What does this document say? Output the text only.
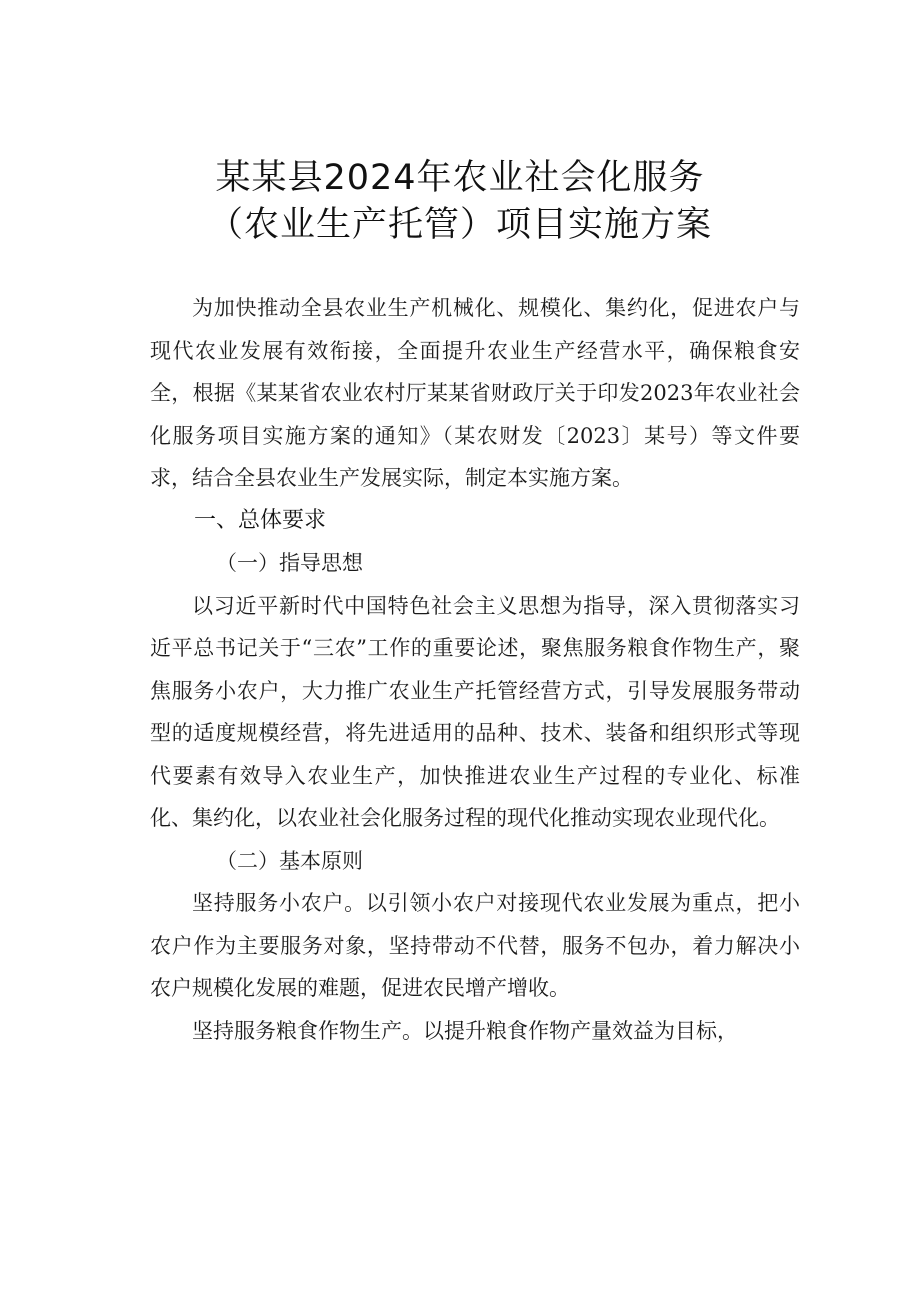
某某县2024年农业社会化服务
（农业生产托管）项目实施方案

为加快推动全县农业生产机械化、规模化、集约化，促进农户与现代农业发展有效衔接，全面提升农业生产经营水平，确保粮食安全，根据《某某省农业农村厅某某省财政厅关于印发2023年农业社会化服务项目实施方案的通知》（某农财发〔2023〕某号）等文件要求，结合全县农业生产发展实际，制定本实施方案。

一、总体要求

（一）指导思想

以习近平新时代中国特色社会主义思想为指导，深入贯彻落实习近平总书记关于“三农”工作的重要论述，聚焦服务粮食作物生产，聚焦服务小农户，大力推广农业生产托管经营方式，引导发展服务带动型的适度规模经营，将先进适用的品种、技术、装备和组织形式等现代要素有效导入农业生产，加快推进农业生产过程的专业化、标准化、集约化，以农业社会化服务过程的现代化推动实现农业现代化。

（二）基本原则

坚持服务小农户。以引领小农户对接现代农业发展为重点，把小农户作为主要服务对象，坚持带动不代替，服务不包办，着力解决小农户规模化发展的难题，促进农民增产增收。

坚持服务粮食作物生产。以提升粮食作物产量效益为目标，
